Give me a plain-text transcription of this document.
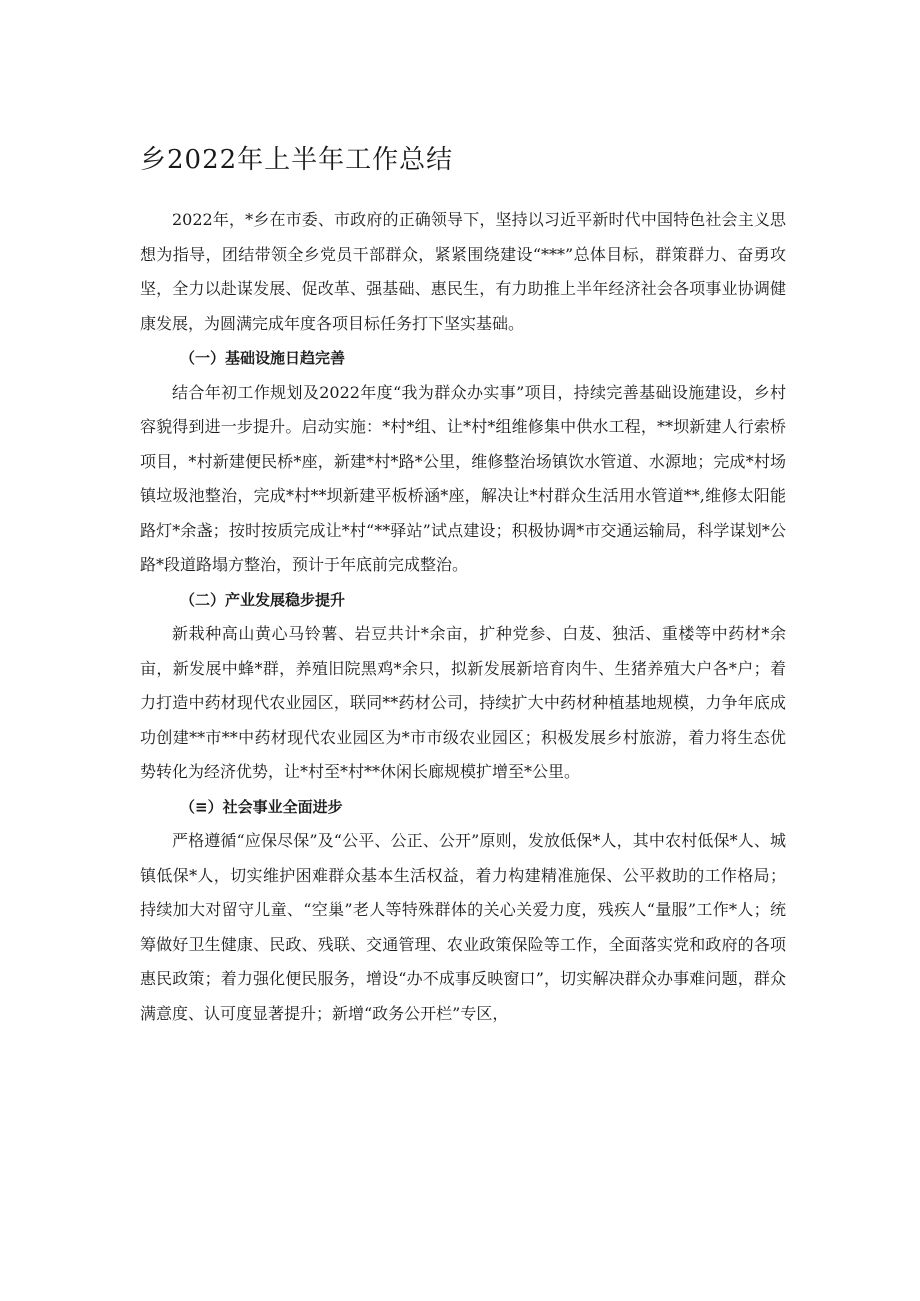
乡2022年上半年工作总结

2022年，*乡在市委、市政府的正确领导下，坚持以习近平新时代中国特色社会主义思想为指导，团结带领全乡党员干部群众，紧紧围绕建设“***”总体目标，群策群力、奋勇攻坚，全力以赴谋发展、促改革、强基础、惠民生，有力助推上半年经济社会各项事业协调健康发展，为圆满完成年度各项目标任务打下坚实基础。

（一）基础设施日趋完善

结合年初工作规划及2022年度“我为群众办实事”项目，持续完善基础设施建设，乡村容貌得到进一步提升。启动实施：*村*组、让*村*组维修集中供水工程，**坝新建人行索桥项目，*村新建便民桥*座，新建*村*路*公里，维修整治场镇饮水管道、水源地；完成*村场镇垃圾池整治，完成*村**坝新建平板桥涵*座，解决让*村群众生活用水管道**,维修太阳能路灯*余盏；按时按质完成让*村“**驿站”试点建设；积极协调*市交通运输局，科学谋划*公路*段道路塌方整治，预计于年底前完成整治。

（二）产业发展稳步提升

新栽种高山黄心马铃薯、岩豆共计*余亩，扩种党参、白芨、独活、重楼等中药材*余亩，新发展中蜂*群，养殖旧院黑鸡*余只，拟新发展新培育肉牛、生猪养殖大户各*户；着力打造中药材现代农业园区，联同**药材公司，持续扩大中药材种植基地规模，力争年底成功创建**市**中药材现代农业园区为*市市级农业园区；积极发展乡村旅游，着力将生态优势转化为经济优势，让*村至*村**休闲长廊规模扩增至*公里。

（≡）社会事业全面进步

严格遵循“应保尽保”及“公平、公正、公开”原则，发放低保*人，其中农村低保*人、城镇低保*人，切实维护困难群众基本生活权益，着力构建精准施保、公平救助的工作格局；持续加大对留守儿童、“空巢”老人等特殊群体的关心关爱力度，残疾人“量服”工作*人；统筹做好卫生健康、民政、残联、交通管理、农业政策保险等工作，全面落实党和政府的各项惠民政策；着力强化便民服务，增设“办不成事反映窗口”，切实解决群众办事难问题，群众满意度、认可度显著提升；新增“政务公开栏”专区，
